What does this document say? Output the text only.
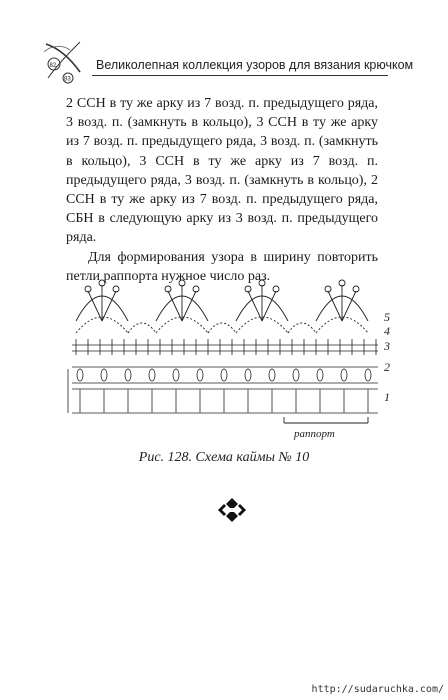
82
83
Великолепная коллекция узоров для вязания крючком

2 ССН в ту же арку из 7 возд. п. предыдущего ряда, 3 возд. п. (замкнуть в кольцо), 3 ССН в ту же арку из 7 возд. п. предыдущего ряда, 3 возд. п. (замкнуть в кольцо), 3 ССН в ту же арку из 7 возд. п. предыдущего ряда, 3 возд. п. (замкнуть в кольцо), 2 ССН в ту же арку из 7 возд. п. предыдущего ряда, СБН в следующую арку из 3 возд. п. предыдущего ряда.

Для формирования узора в ширину повторить петли раппорта нужное число раз.

раппорт
5
4
3
2
1
Рис. 128. Схема каймы № 10
http://sudaruchka.com/
